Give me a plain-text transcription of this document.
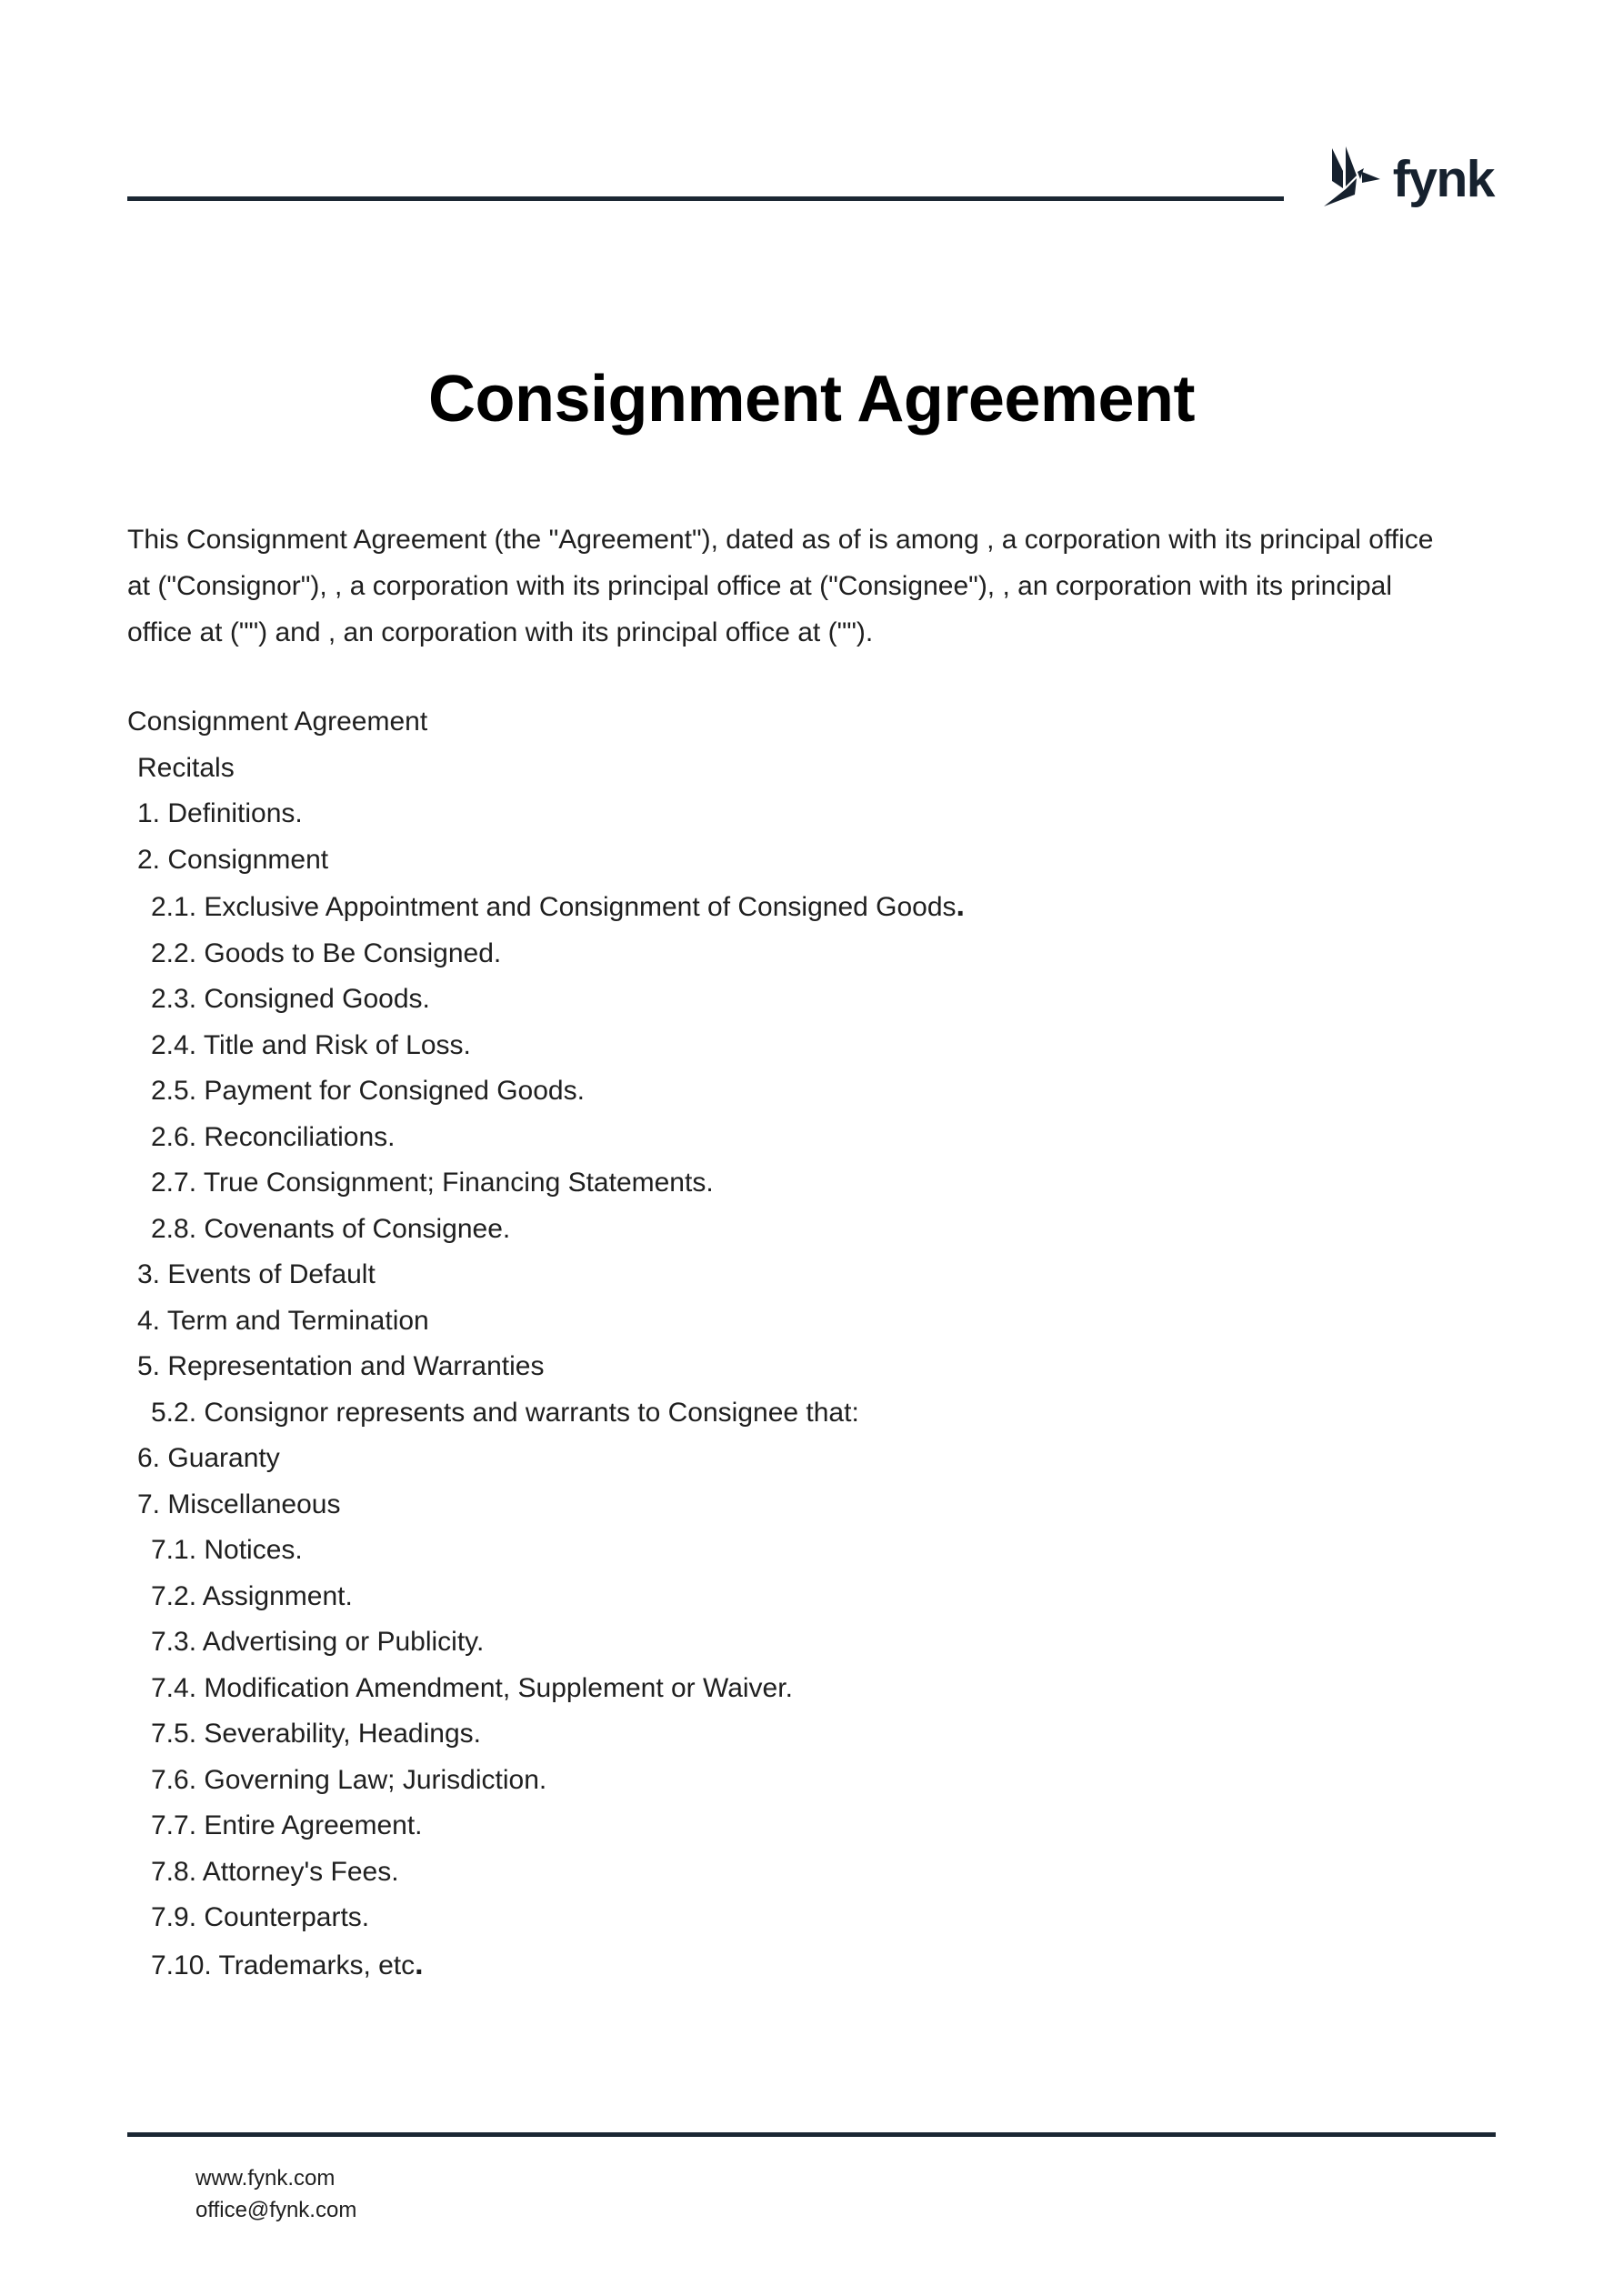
fynk
Consignment Agreement

This Consignment Agreement (the "Agreement"), dated as of is among , a corporation with its principal office at ("Consignor"), , a corporation with its principal office at ("Consignee"), , an corporation with its principal office at ("") and , an corporation with its principal office at ("").

Consignment Agreement
Recitals
1. Definitions.
2. Consignment
2.1. Exclusive Appointment and Consignment of Consigned Goods.
2.2. Goods to Be Consigned.
2.3. Consigned Goods.
2.4. Title and Risk of Loss.
2.5. Payment for Consigned Goods.
2.6. Reconciliations.
2.7. True Consignment; Financing Statements.
2.8. Covenants of Consignee.
3. Events of Default
4. Term and Termination
5. Representation and Warranties
5.2. Consignor represents and warrants to Consignee that:
6. Guaranty
7. Miscellaneous
7.1. Notices.
7.2. Assignment.
7.3. Advertising or Publicity.
7.4. Modification Amendment, Supplement or Waiver.
7.5. Severability, Headings.
7.6. Governing Law; Jurisdiction.
7.7. Entire Agreement.
7.8. Attorney's Fees.
7.9. Counterparts.
7.10. Trademarks, etc.
www.fynk.com
office@fynk.com
